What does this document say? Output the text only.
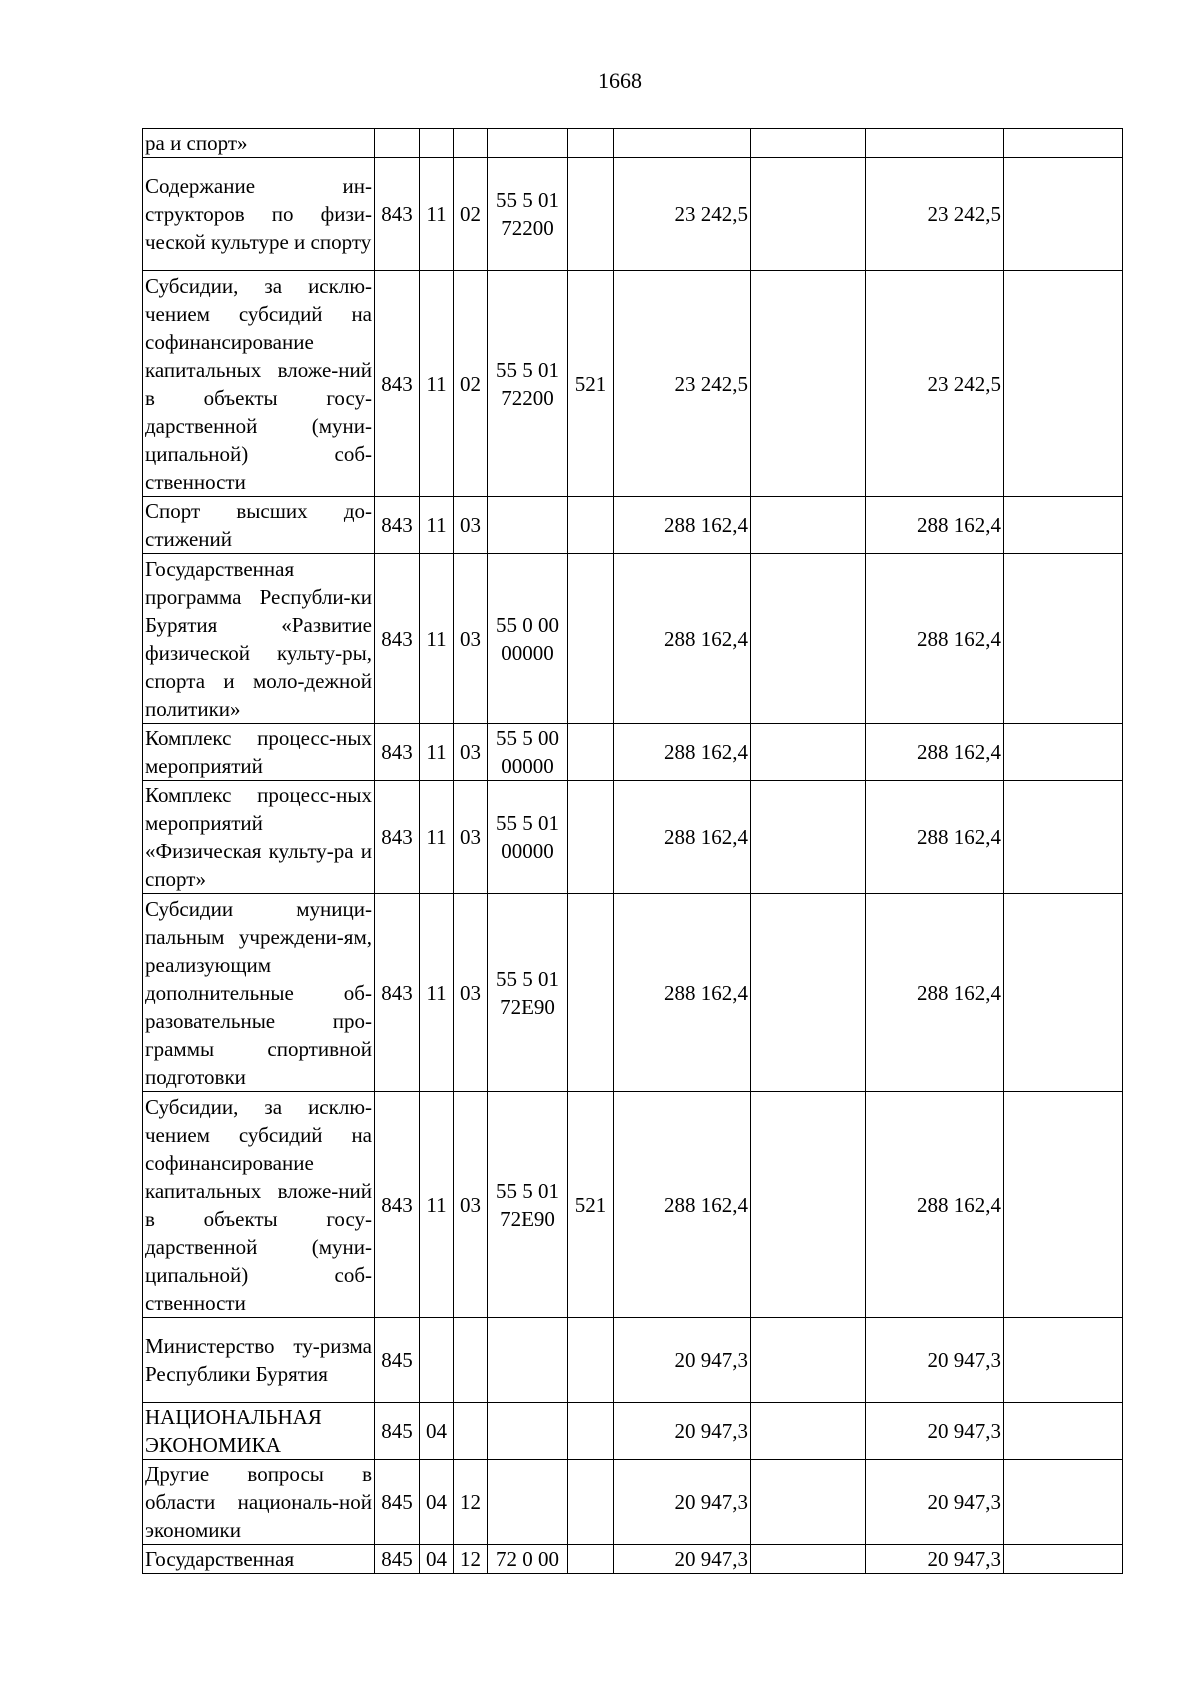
1668
ра и спорт»									
Содержание ин-структоров по физи-ческой культуре и спорту	843	11	02	55 5 01 72200		23 242,5		23 242,5	
Субсидии, за исклю-чением субсидий на софинансирование капитальных вложе-ний в объекты госу-дарственной (муни-ципальной) соб-ственности	843	11	02	55 5 01 72200	521	23 242,5		23 242,5	
Спорт высших до-стижений	843	11	03			288 162,4		288 162,4	
Государственная программа Республи-ки Бурятия «Развитие физической культу-ры, спорта и моло-дежной политики»	843	11	03	55 0 00 00000		288 162,4		288 162,4	
Комплекс процесс-ных мероприятий	843	11	03	55 5 00 00000		288 162,4		288 162,4	
Комплекс процесс-ных мероприятий «Физическая культу-ра и спорт»	843	11	03	55 5 01 00000		288 162,4		288 162,4	
Субсидии муници-пальным учреждени-ям, реализующим дополнительные об-разовательные про-граммы спортивной подготовки	843	11	03	55 5 01 72E90		288 162,4		288 162,4	
Субсидии, за исклю-чением субсидий на софинансирование капитальных вложе-ний в объекты госу-дарственной (муни-ципальной) соб-ственности	843	11	03	55 5 01 72E90	521	288 162,4		288 162,4	
Министерство ту-ризма Республики Бурятия	845					20 947,3		20 947,3	
НАЦИОНАЛЬНАЯ ЭКОНОМИКА	845	04				20 947,3		20 947,3	
Другие вопросы в области националь-ной экономики	845	04	12			20 947,3		20 947,3	
Государственная	845	04	12	72 0 00		20 947,3		20 947,3	
